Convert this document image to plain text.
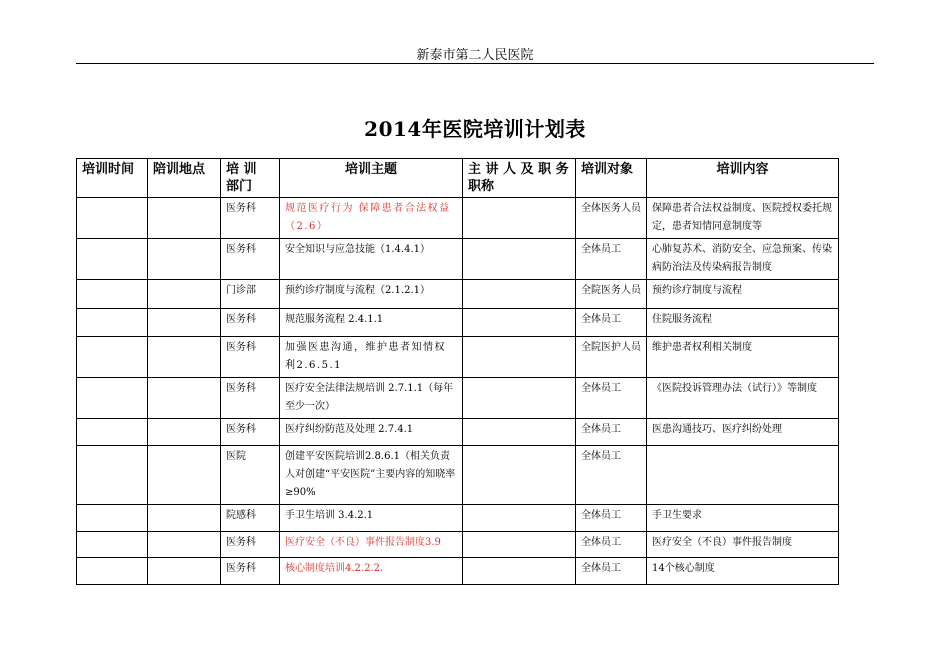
新泰市第二人民医院
2014年医院培训计划表
培训时间	陪训地点	培 训 部门	培训主题	主 讲 人 及 职 务 职称	培训对象	培训内容
		医务科	规范医疗行为 保障患者合法权益（2.6）		全体医务人员	保障患者合法权益制度、医院授权委托规定，患者知情同意制度等
		医务科	安全知识与应急技能（1.4.4.1）		全体员工	心肺复苏术、消防安全、应急预案、传染病防治法及传染病报告制度
		门诊部	预约诊疗制度与流程（2.1.2.1）		全院医务人员	预约诊疗制度与流程
		医务科	规范服务流程 2.4.1.1		全体员工	住院服务流程
		医务科	加强医患沟通，维护患者知情权利2.6.5.1		全院医护人员	维护患者权利相关制度
		医务科	医疗安全法律法规培训 2.7.1.1（每年至少一次）		全体员工	《医院投诉管理办法（试行）》等制度
		医务科	医疗纠纷防范及处理 2.7.4.1		全体员工	医患沟通技巧、医疗纠纷处理
		医院	创建平安医院培训2.8.6.1（相关负责人对创建“平安医院”主要内容的知晓率≥90%		全体员工	
		院感科	手卫生培训 3.4.2.1		全体员工	手卫生要求
		医务科	医疗安全（不良）事件报告制度3.9		全体员工	医疗安全（不良）事件报告制度
		医务科	核心制度培训4.2.2.2.		全体员工	14个核心制度
